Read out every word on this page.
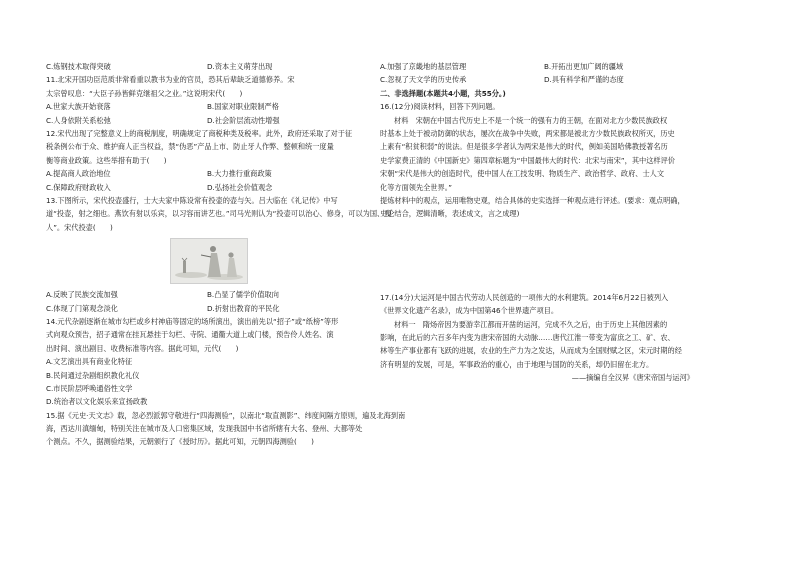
C.炼钢技术取得突破	D.资本主义萌芽出现
11.北宋开国功臣范质非常看重以教书为业的官员，恐其后辈缺乏道德修养。宋
太宗曾叹息：“大臣子孙皆鲜克继祖父之业。”这说明宋代(　　)
A.世家大族开始衰落	B.国家对职业限制严格
C.人身依附关系松弛	D.社会阶层流动性增强
12.宋代出现了完整意义上的商税制度，明确规定了商税种类及税率。此外，政府还采取了对于征
税条例公布于众、维护商人正当权益，禁“伪恶”产品上市、防止牙人作弊、整顿和统一度量
衡等商业政策。这些举措有助于(　　)
A.提高商人政治地位	B.大力推行重商政策
C.保障政府财政收入	D.弘扬社会价值观念
13.下图所示，宋代投壶盛行，士大夫家中陈设常有投壶的壶与矢。吕大临在《礼记传》中写
道“投壶，射之细也。燕饮有射以乐宾，以习容而讲艺也。”司马光则认为“投壶可以治心、修身，可以为国、观
人”。宋代投壶(　　)
A.反映了民族交流加强	B.凸显了儒学价值取向
C.体现了门第观念淡化	D.折射出教育的平民化
14.元代杂剧逐渐在城市勾栏或乡村神庙等固定的场所演出，演出前先以“招子”或“纸榜”等形
式向观众预告，招子通常在挂瓦悬挂于勾栏、寺院、通衢大道上或门楼，预告伶人姓名、演
出时间、演出剧目、收费标准等内容。据此可知，元代(　　)
A.文艺演出具有商业化特征
B.民间通过杂剧组织教化礼仪
C.市民阶层呼唤通俗性文学
D.统治者以文化娱乐来宣扬政教
15.据《元史·天文志》载，忽必烈派郭守敬进行“四海测验”，以南北“取直测影”、纬度间隔方原则，遍及北海到南
海，西达川滇缅甸，特别关注在城市及人口密集区域，发现我国中书省所辖有大名、登州、大都等处
个测点。不久，据测验结果，元朝颁行了《授时历》。据此可知，元朝四海测验(　　)
A.加强了京畿地的基层管理	B.开拓出更加广阔的疆域
C.忽视了天文学的历史传承	D.具有科学和严谨的态度
二、非选择题(本题共4小题，共55分。)
16.(12分)阅读材料，回答下列问题。
材料　宋朝在中国古代历史上不是一个统一的强有力的王朝，在面对北方少数民族政权
时基本上处于被动防御的状态，屡次在战争中失败，两宋都是被北方少数民族政权所灭，历史
上素有“积贫积弱”的说法。但是很多学者认为两宋是伟大的时代，例如美国哈佛教授著名历
史学家费正清的《中国新史》第四章标题为“中国最伟大的时代：北宋与南宋”，其中这样评价
宋朝“宋代是伟大的创造时代，使中国人在工技发明、物质生产、政治哲学、政府、士人文
化等方面领先全世界。”
提炼材料中的观点，运用唯物史观，结合具体的史实选择一种观点进行评述。(要求：观点明确，
史论结合，逻辑清晰，表述成文，言之成理)
17.(14分)大运河是中国古代劳动人民创造的一项伟大的水利建筑。2014年6月22日被列入
《世界文化遗产名录》，成为中国第46个世界遗产项目。
材料一　隋炀帝因为要游幸江都而开凿的运河，完成不久之后，由于历史上其他因素的
影响，在此后的六百多年内变为唐宋帝国的大动脉……唐代江淮一带变为富庶之工、矿、农、
林等生产事业都有飞跃的进展，农业的生产力为之发达，从而成为全国财赋之区，宋元时期的经
济有明显的发展，可是，军事政治的重心，由于地理与国防的关系，却仍旧留在北方。
——摘编自全汉昇《唐宋帝国与运河》
